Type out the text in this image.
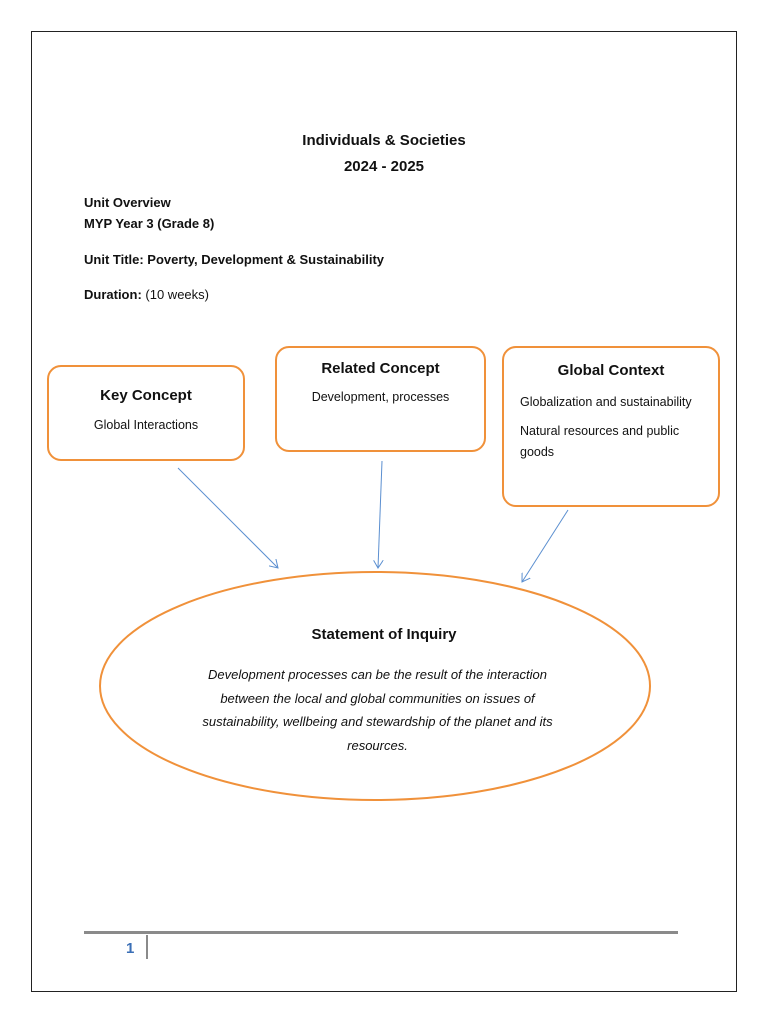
Individuals & Societies
2024 - 2025
Unit Overview
MYP Year 3 (Grade 8)
Unit Title: Poverty, Development & Sustainability
Duration: (10 weeks)
Key Concept
Global Interactions
Related Concept
Development, processes
Global Context
Globalization and sustainability
Natural resources and public goods
Statement of Inquiry
Development processes can be the result of the interaction between the local and global communities on issues of sustainability, wellbeing and stewardship of the planet and its resources.
1
